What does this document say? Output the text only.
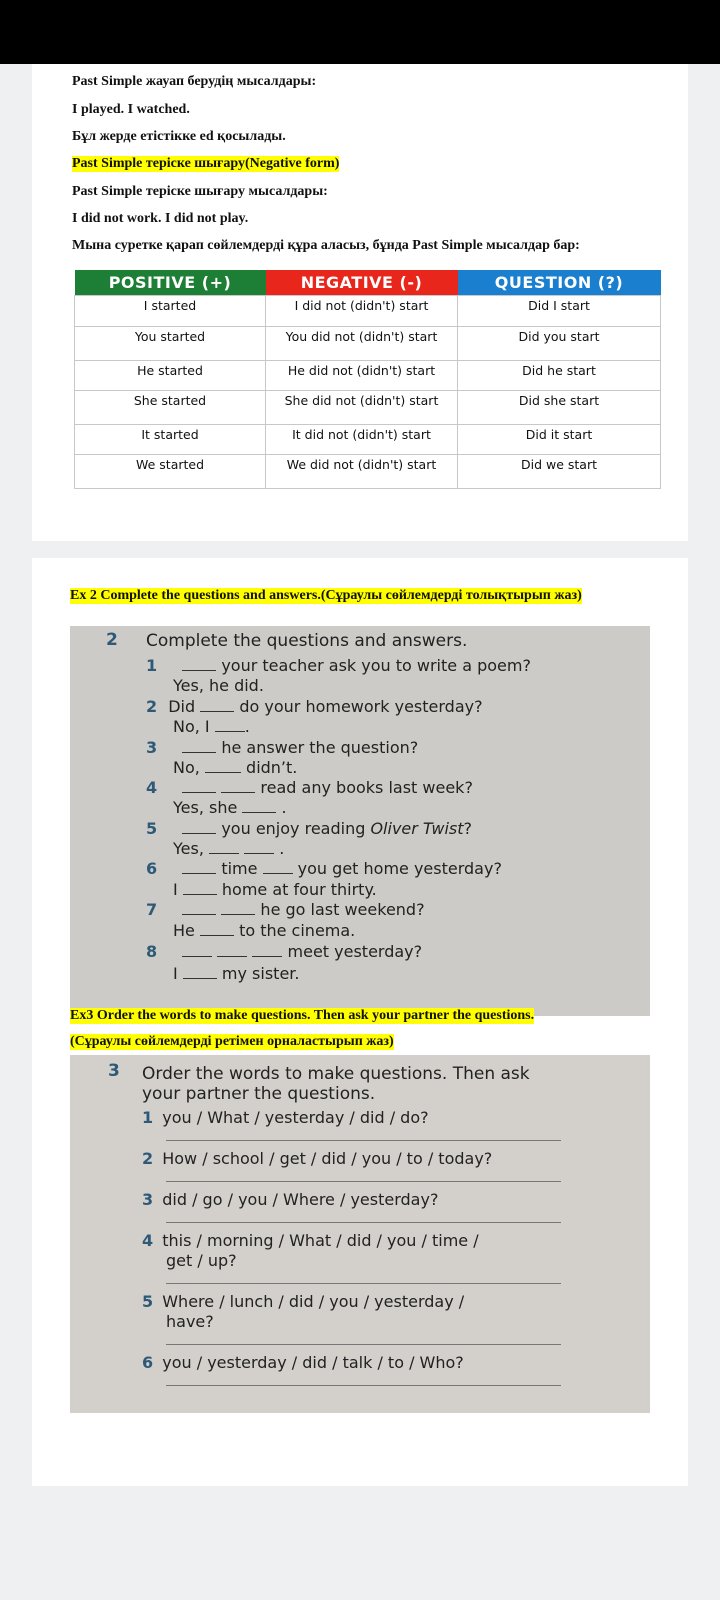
Past Simple жауап берудің мысалдары:
I played. I watched.
Бұл жерде етістікке ed қосылады.
Past Simple теріске шығару(Negative form)
Past Simple теріске шығару мысалдары:
I did not work. I did not play.
Мына суретке қарап сөйлемдерді құра аласыз, бұнда Past Simple мысалдар бар:
POSITIVE (+)	NEGATIVE (-)	QUESTION (?)
I started	I did not (didn't) start	Did I start
You started	You did not (didn't) start	Did you start
He started	He did not (didn't) start	Did he start
She started	She did not (didn't) start	Did she start
It started	It did not (didn't) start	Did it start
We started	We did not (didn't) start	Did we start
Ex 2 Complete the questions and answers.(Сұраулы сөйлемдерді толықтырып жаз)
2 Complete the questions and answers.
1	your teacher ask you to write a poem?
Yes, he did.
2 Did	do your homework yesterday?
No, I .
3	he answer the question?
No,	didn’t.
4	read any books last week?
Yes, she	.
5	you enjoy reading Oliver Twist?
Yes,	.
6	time	you get home yesterday?
I	home at four thirty.
7	he go last weekend?
He	to the cinema.
8	meet yesterday?
I	my sister.
Ex3 Order the words to make questions. Then ask your partner the questions.
(Сұраулы сөйлемдерді ретімен орналастырып жаз)
3 Order the words to make questions. Then ask
your partner the questions.
1 you / What / yesterday / did / do?
2 How / school / get / did / you / to / today?
3 did / go / you / Where / yesterday?
4 this / morning / What / did / you / time /
get / up?
5 Where / lunch / did / you / yesterday /
have?
6 you / yesterday / did / talk / to / Who?
